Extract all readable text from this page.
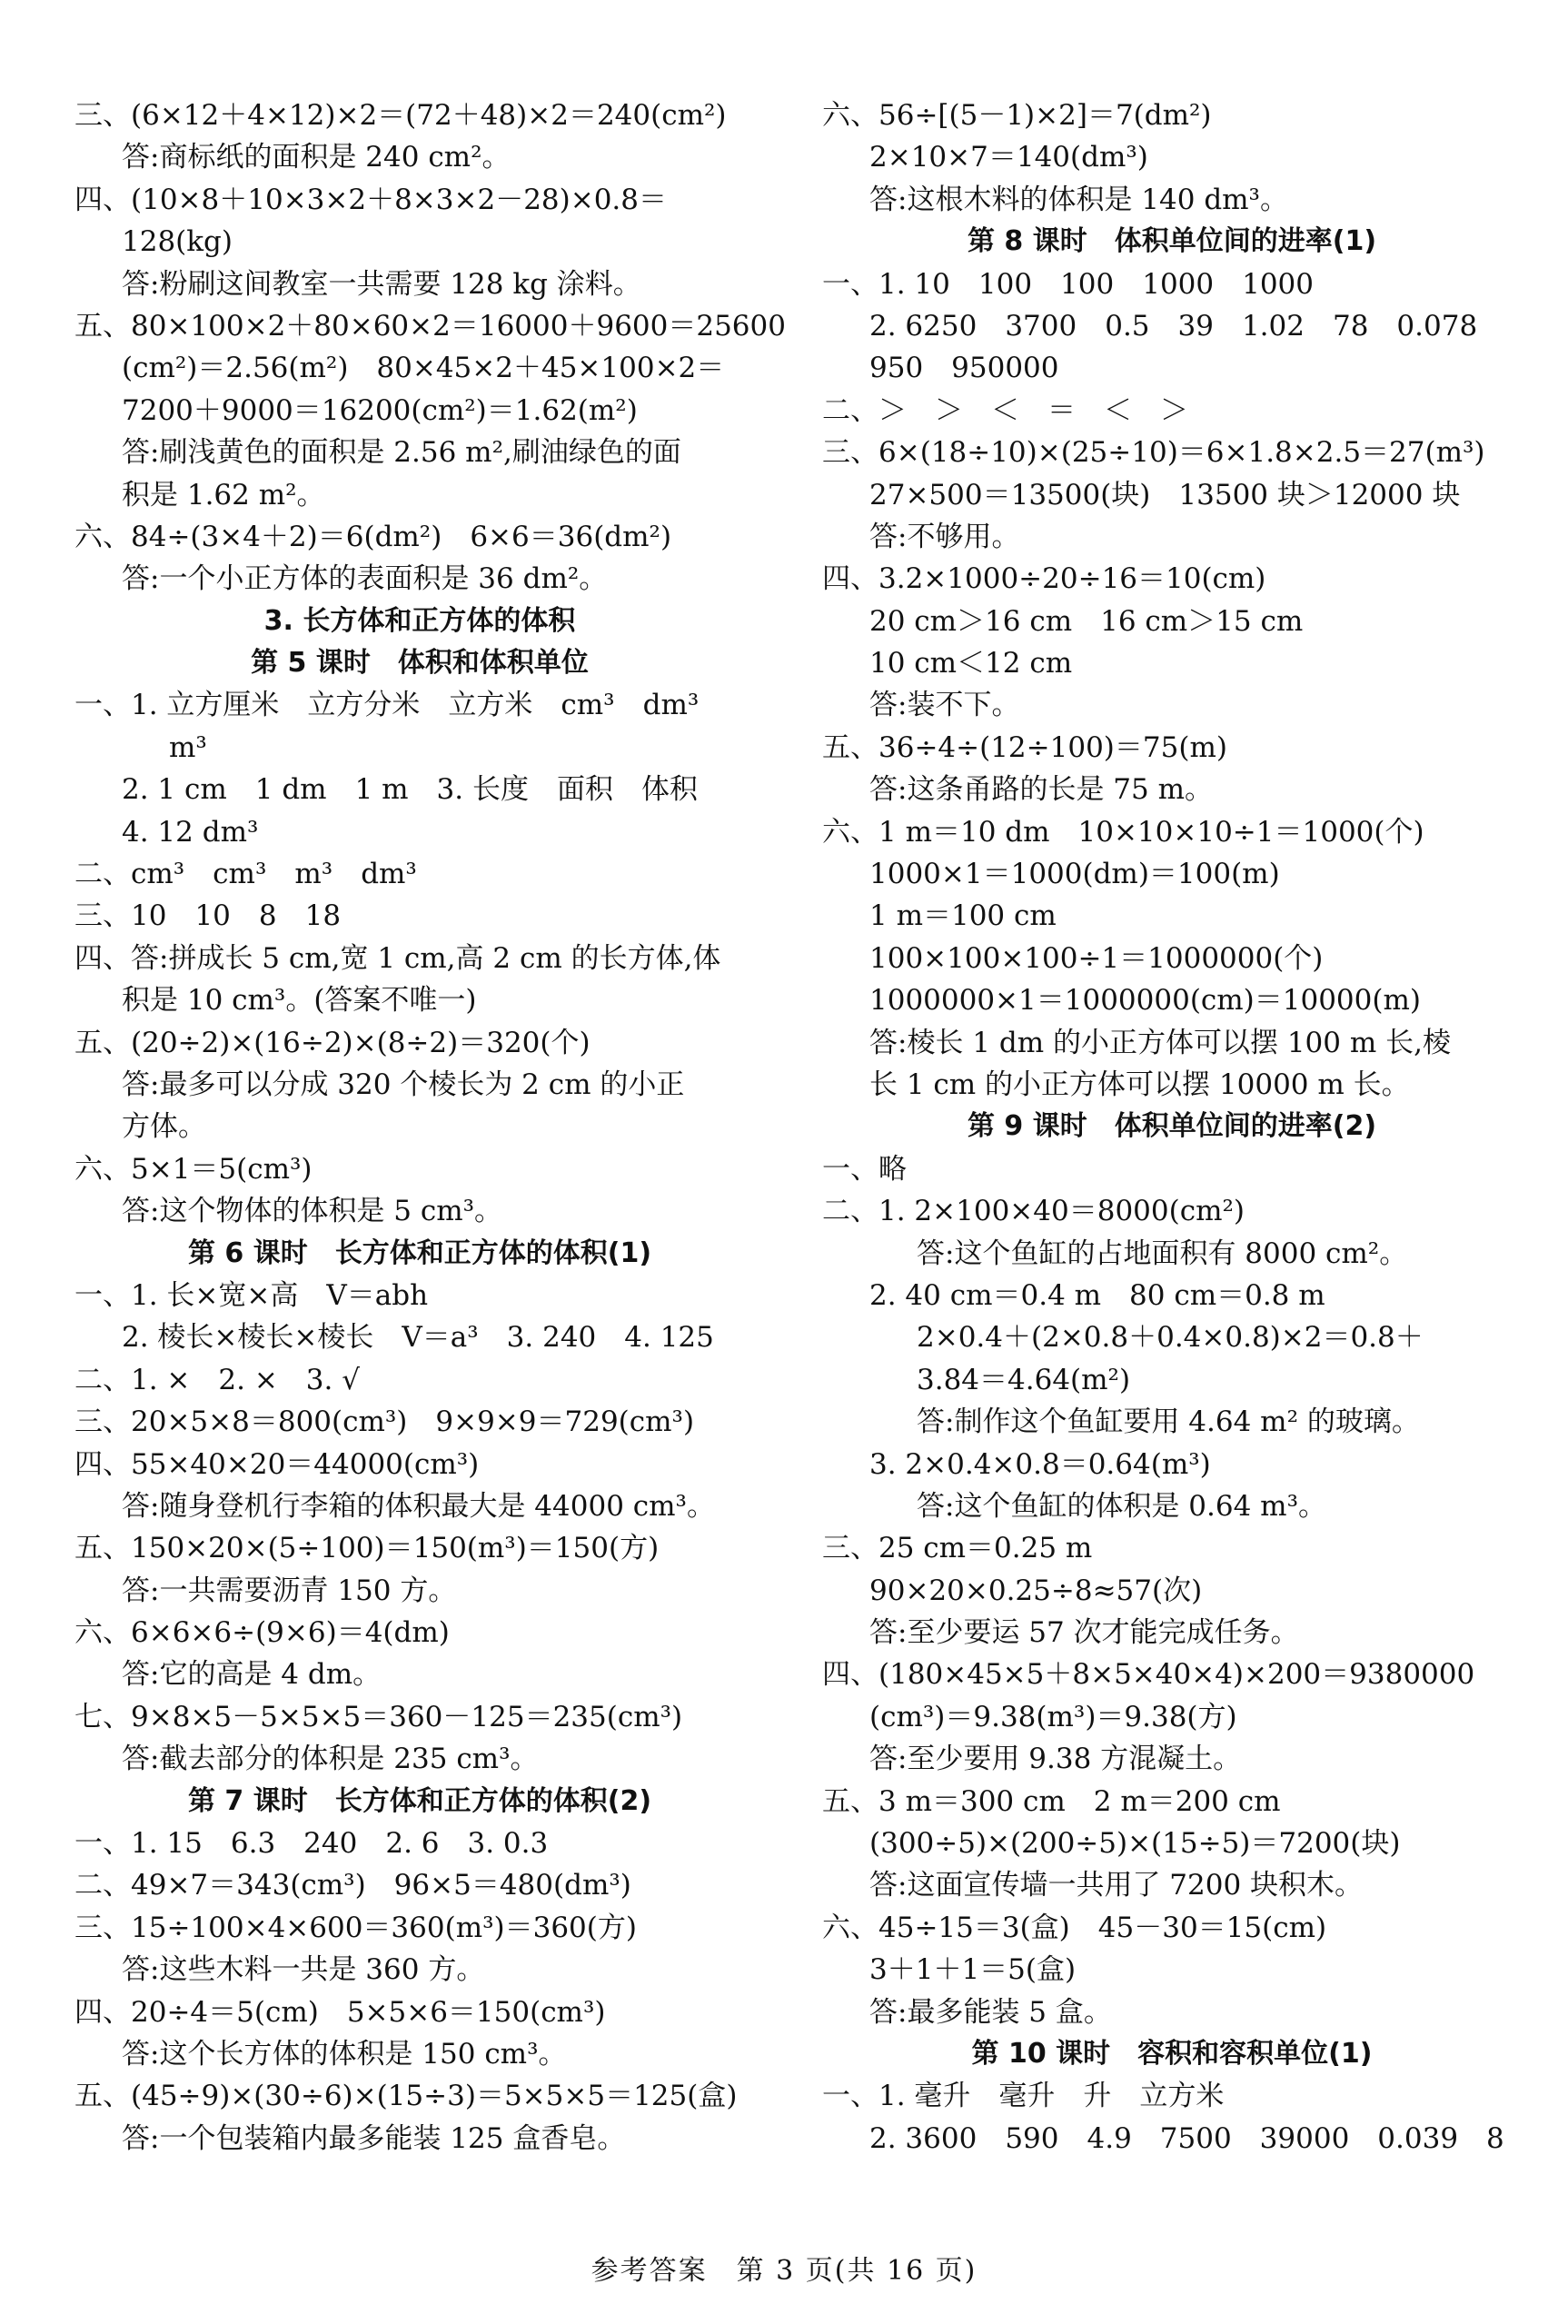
三、(6×12＋4×12)×2＝(72＋48)×2＝240(cm²)
答:商标纸的面积是 240 cm²。
四、(10×8＋10×3×2＋8×3×2－28)×0.8＝
128(kg)
答:粉刷这间教室一共需要 128 kg 涂料。
五、80×100×2＋80×60×2＝16000＋9600＝25600
(cm²)＝2.56(m²)　80×45×2＋45×100×2＝
7200＋9000＝16200(cm²)＝1.62(m²)
答:刷浅黄色的面积是 2.56 m²,刷油绿色的面
积是 1.62 m²。
六、84÷(3×4＋2)＝6(dm²)　6×6＝36(dm²)
答:一个小正方体的表面积是 36 dm²。
3. 长方体和正方体的体积
第 5 课时　体积和体积单位
一、1. 立方厘米　立方分米　立方米　cm³　dm³
m³
2. 1 cm　1 dm　1 m　3. 长度　面积　体积
4. 12 dm³
二、cm³　cm³　m³　dm³
三、10　10　8　18
四、答:拼成长 5 cm,宽 1 cm,高 2 cm 的长方体,体
积是 10 cm³。(答案不唯一)
五、(20÷2)×(16÷2)×(8÷2)＝320(个)
答:最多可以分成 320 个棱长为 2 cm 的小正
方体。
六、5×1＝5(cm³)
答:这个物体的体积是 5 cm³。
第 6 课时　长方体和正方体的体积(1)
一、1. 长×宽×高　V＝abh
2. 棱长×棱长×棱长　V＝a³　3. 240　4. 125
二、1. ×　2. ×　3. √
三、20×5×8＝800(cm³)　9×9×9＝729(cm³)
四、55×40×20＝44000(cm³)
答:随身登机行李箱的体积最大是 44000 cm³。
五、150×20×(5÷100)＝150(m³)＝150(方)
答:一共需要沥青 150 方。
六、6×6×6÷(9×6)＝4(dm)
答:它的高是 4 dm。
七、9×8×5－5×5×5＝360－125＝235(cm³)
答:截去部分的体积是 235 cm³。
第 7 课时　长方体和正方体的体积(2)
一、1. 15　6.3　240　2. 6　3. 0.3
二、49×7＝343(cm³)　96×5＝480(dm³)
三、15÷100×4×600＝360(m³)＝360(方)
答:这些木料一共是 360 方。
四、20÷4＝5(cm)　5×5×6＝150(cm³)
答:这个长方体的体积是 150 cm³。
五、(45÷9)×(30÷6)×(15÷3)＝5×5×5＝125(盒)
答:一个包装箱内最多能装 125 盒香皂。
六、56÷[(5－1)×2]＝7(dm²)
2×10×7＝140(dm³)
答:这根木料的体积是 140 dm³。
第 8 课时　体积单位间的进率(1)
一、1. 10　100　100　1000　1000
2. 6250　3700　0.5　39　1.02　78　0.078
950　950000
二、＞　＞　＜　＝　＜　＞
三、6×(18÷10)×(25÷10)＝6×1.8×2.5＝27(m³)
27×500＝13500(块)　13500 块＞12000 块
答:不够用。
四、3.2×1000÷20÷16＝10(cm)
20 cm＞16 cm　16 cm＞15 cm
10 cm＜12 cm
答:装不下。
五、36÷4÷(12÷100)＝75(m)
答:这条甬路的长是 75 m。
六、1 m＝10 dm　10×10×10÷1＝1000(个)
1000×1＝1000(dm)＝100(m)
1 m＝100 cm
100×100×100÷1＝1000000(个)
1000000×1＝1000000(cm)＝10000(m)
答:棱长 1 dm 的小正方体可以摆 100 m 长,棱
长 1 cm 的小正方体可以摆 10000 m 长。
第 9 课时　体积单位间的进率(2)
一、略
二、1. 2×100×40＝8000(cm²)
答:这个鱼缸的占地面积有 8000 cm²。
2. 40 cm＝0.4 m　80 cm＝0.8 m
2×0.4＋(2×0.8＋0.4×0.8)×2＝0.8＋
3.84＝4.64(m²)
答:制作这个鱼缸要用 4.64 m² 的玻璃。
3. 2×0.4×0.8＝0.64(m³)
答:这个鱼缸的体积是 0.64 m³。
三、25 cm＝0.25 m
90×20×0.25÷8≈57(次)
答:至少要运 57 次才能完成任务。
四、(180×45×5＋8×5×40×4)×200＝9380000
(cm³)＝9.38(m³)＝9.38(方)
答:至少要用 9.38 方混凝土。
五、3 m＝300 cm　2 m＝200 cm
(300÷5)×(200÷5)×(15÷5)＝7200(块)
答:这面宣传墙一共用了 7200 块积木。
六、45÷15＝3(盒)　45－30＝15(cm)
3＋1＋1＝5(盒)
答:最多能装 5 盒。
第 10 课时　容积和容积单位(1)
一、1. 毫升　毫升　升　立方米
2. 3600　590　4.9　7500　39000　0.039　8
参考答案　第 3 页(共 16 页)
